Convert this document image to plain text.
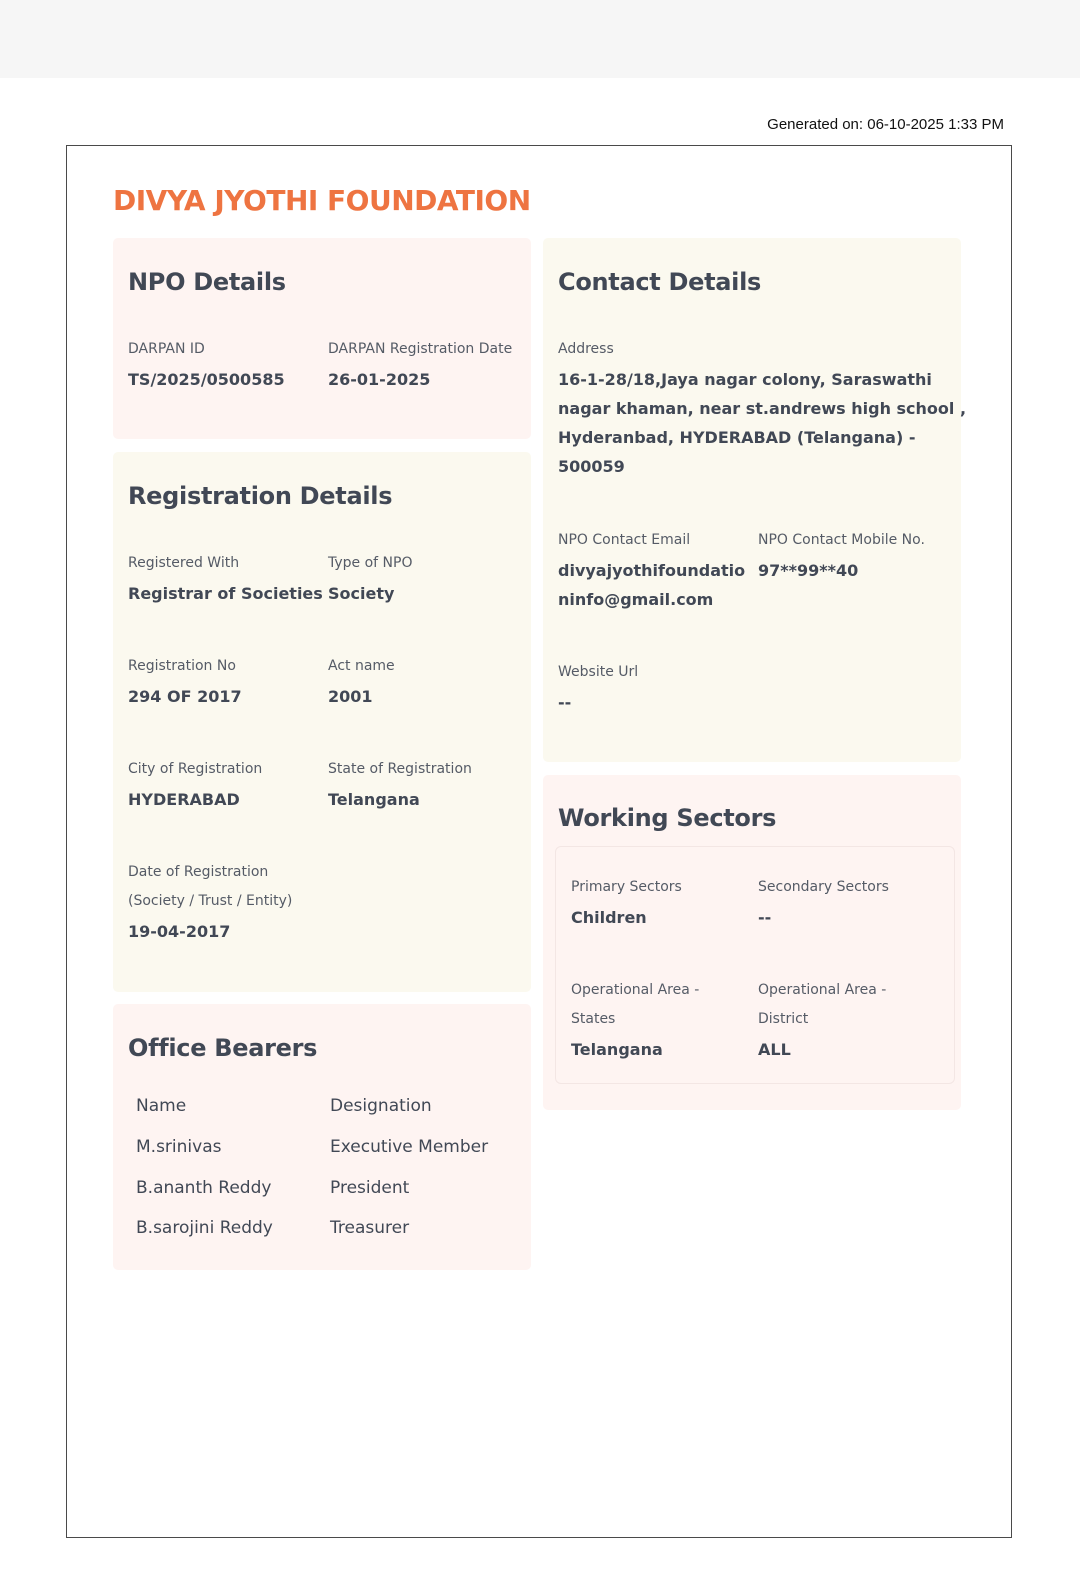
Generated on: 06-10-2025 1:33 PM
DIVYA JYOTHI FOUNDATION
NPO Details
DARPAN ID
TS/2025/0500585
DARPAN Registration Date
26-01-2025
Registration Details
Registered With
Registrar of Societies
Type of NPO
Society
Registration No
294 OF 2017
Act name
2001
City of Registration
HYDERABAD
State of Registration
Telangana
Date of Registration
(Society / Trust / Entity)
19-04-2017
Office Bearers
Name	Designation
M.srinivas	Executive Member
B.ananth Reddy	President
B.sarojini Reddy	Treasurer
Contact Details
Address
16-1-28/18,Jaya nagar colony, Saraswathi
nagar khaman, near st.andrews high school ,
Hyderanbad, HYDERABAD (Telangana) -
500059
NPO Contact Email
divyajyothifoundatio
ninfo@gmail.com
NPO Contact Mobile No.
97**99**40
Website Url
--
Working Sectors
Primary Sectors
Children
Secondary Sectors
--
Operational Area -
States
Telangana
Operational Area -
District
ALL
